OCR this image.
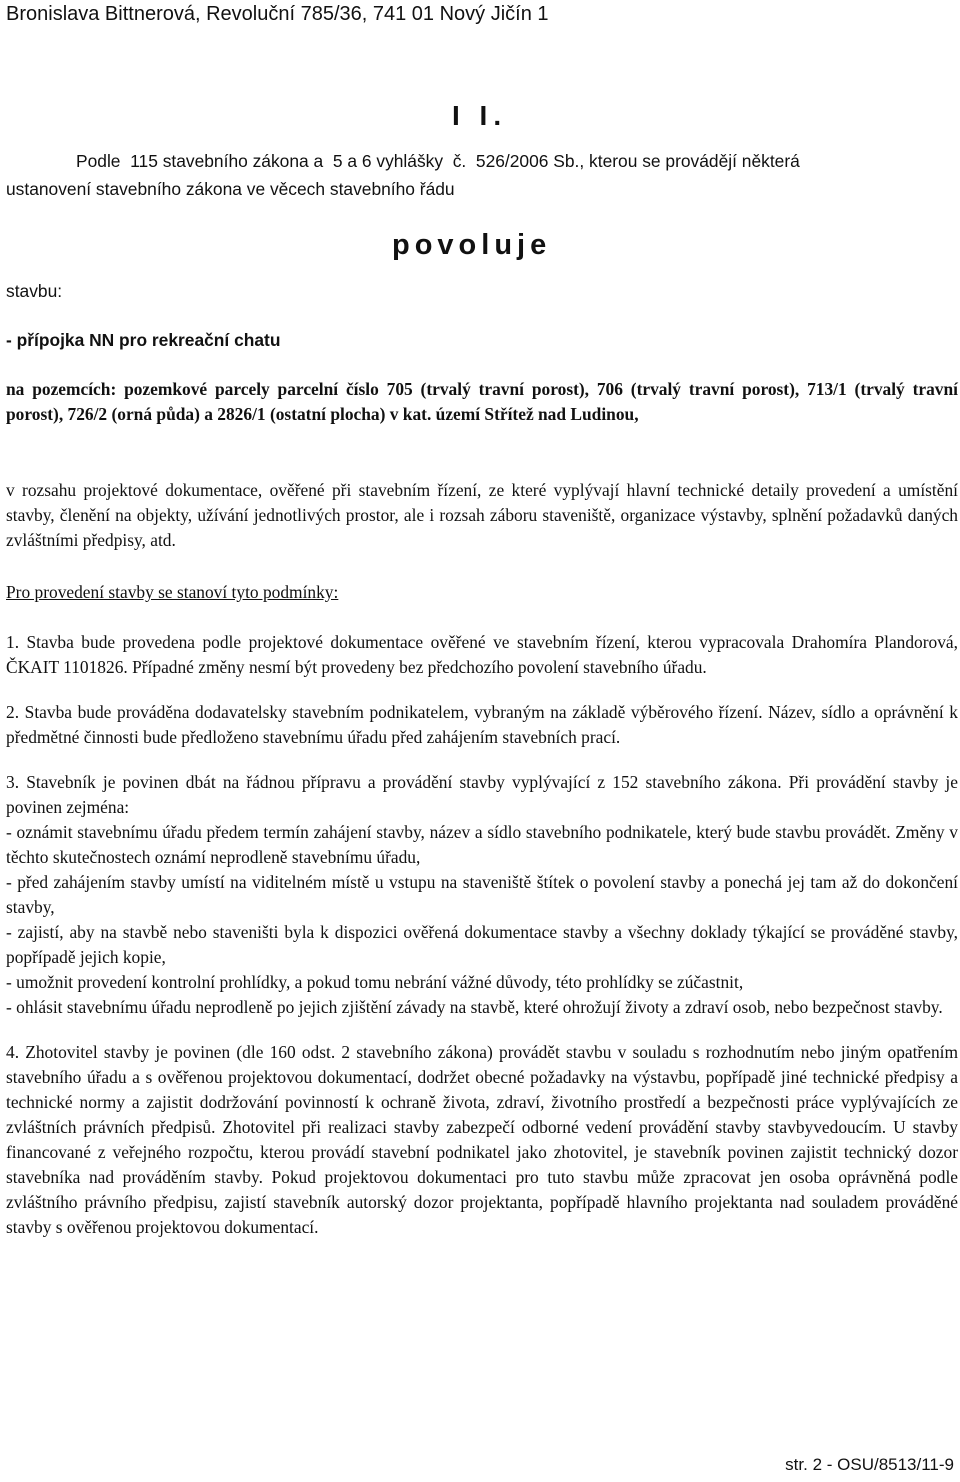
Bronislava Bittnerová, Revoluční 785/36, 741 01 Nový Jičín 1
I I.
Podle  115 stavebního zákona a  5 a 6 vyhlášky  č.  526/2006 Sb., kterou se provádějí některá
ustanovení stavebního zákona ve věcech stavebního řádu
povoluje
stavbu:
- přípojka NN pro rekreační chatu
na pozemcích: pozemkové parcely parcelní číslo 705 (trvalý travní porost), 706 (trvalý travní porost), 713/1 (trvalý travní porost), 726/2 (orná půda) a 2826/1 (ostatní plocha) v kat. území Střítež nad Ludinou,
v rozsahu projektové dokumentace, ověřené při stavebním řízení, ze které vyplývají hlavní technické detaily provedení a umístění stavby, členění na objekty, užívání jednotlivých prostor, ale i rozsah záboru staveniště, organizace výstavby, splnění požadavků daných zvláštními předpisy, atd.
Pro provedení stavby se stanoví tyto podmínky:
1. Stavba bude provedena podle projektové dokumentace ověřené ve stavebním řízení, kterou vypracovala Drahomíra Plandorová, ČKAIT 1101826. Případné změny nesmí být provedeny bez předchozího povolení stavebního úřadu.
2. Stavba bude prováděna dodavatelsky stavebním podnikatelem, vybraným na základě výběrového řízení. Název, sídlo a oprávnění k předmětné činnosti bude předloženo stavebnímu úřadu před zahájením stavebních prací.
3. Stavebník je povinen dbát na řádnou přípravu a provádění stavby vyplývající z 152 stavebního zákona. Při provádění stavby je povinen zejména:
- oznámit stavebnímu úřadu předem termín zahájení stavby, název a sídlo stavebního podnikatele, který bude stavbu provádět. Změny v těchto skutečnostech oznámí neprodleně stavebnímu úřadu,
- před zahájením stavby umístí na viditelném místě u vstupu na staveniště štítek o povolení stavby a ponechá jej tam až do dokončení stavby,
- zajistí, aby na stavbě nebo staveništi byla k dispozici ověřená dokumentace stavby a všechny doklady týkající se prováděné stavby, popřípadě jejich kopie,
- umožnit provedení kontrolní prohlídky, a pokud tomu nebrání vážné důvody, této prohlídky se zúčastnit,
- ohlásit stavebnímu úřadu neprodleně po jejich zjištění závady na stavbě, které ohrožují životy a zdraví osob, nebo bezpečnost stavby.
4. Zhotovitel stavby je povinen (dle 160 odst. 2 stavebního zákona) provádět stavbu v souladu s rozhodnutím nebo jiným opatřením stavebního úřadu a s ověřenou projektovou dokumentací, dodržet obecné požadavky na výstavbu, popřípadě jiné technické předpisy a technické normy a zajistit dodržování povinností k ochraně života, zdraví, životního prostředí a bezpečnosti práce vyplývajících ze zvláštních právních předpisů. Zhotovitel při realizaci stavby zabezpečí odborné vedení provádění stavby stavbyvedoucím. U stavby financované z veřejného rozpočtu, kterou provádí stavební podnikatel jako zhotovitel, je stavebník povinen zajistit technický dozor stavebníka nad prováděním stavby. Pokud projektovou dokumentaci pro tuto stavbu může zpracovat jen osoba oprávněná podle zvláštního právního předpisu, zajistí stavebník autorský dozor projektanta, popřípadě hlavního projektanta nad souladem prováděné stavby s ověřenou projektovou dokumentací.
str. 2 - OSU/8513/11-9
